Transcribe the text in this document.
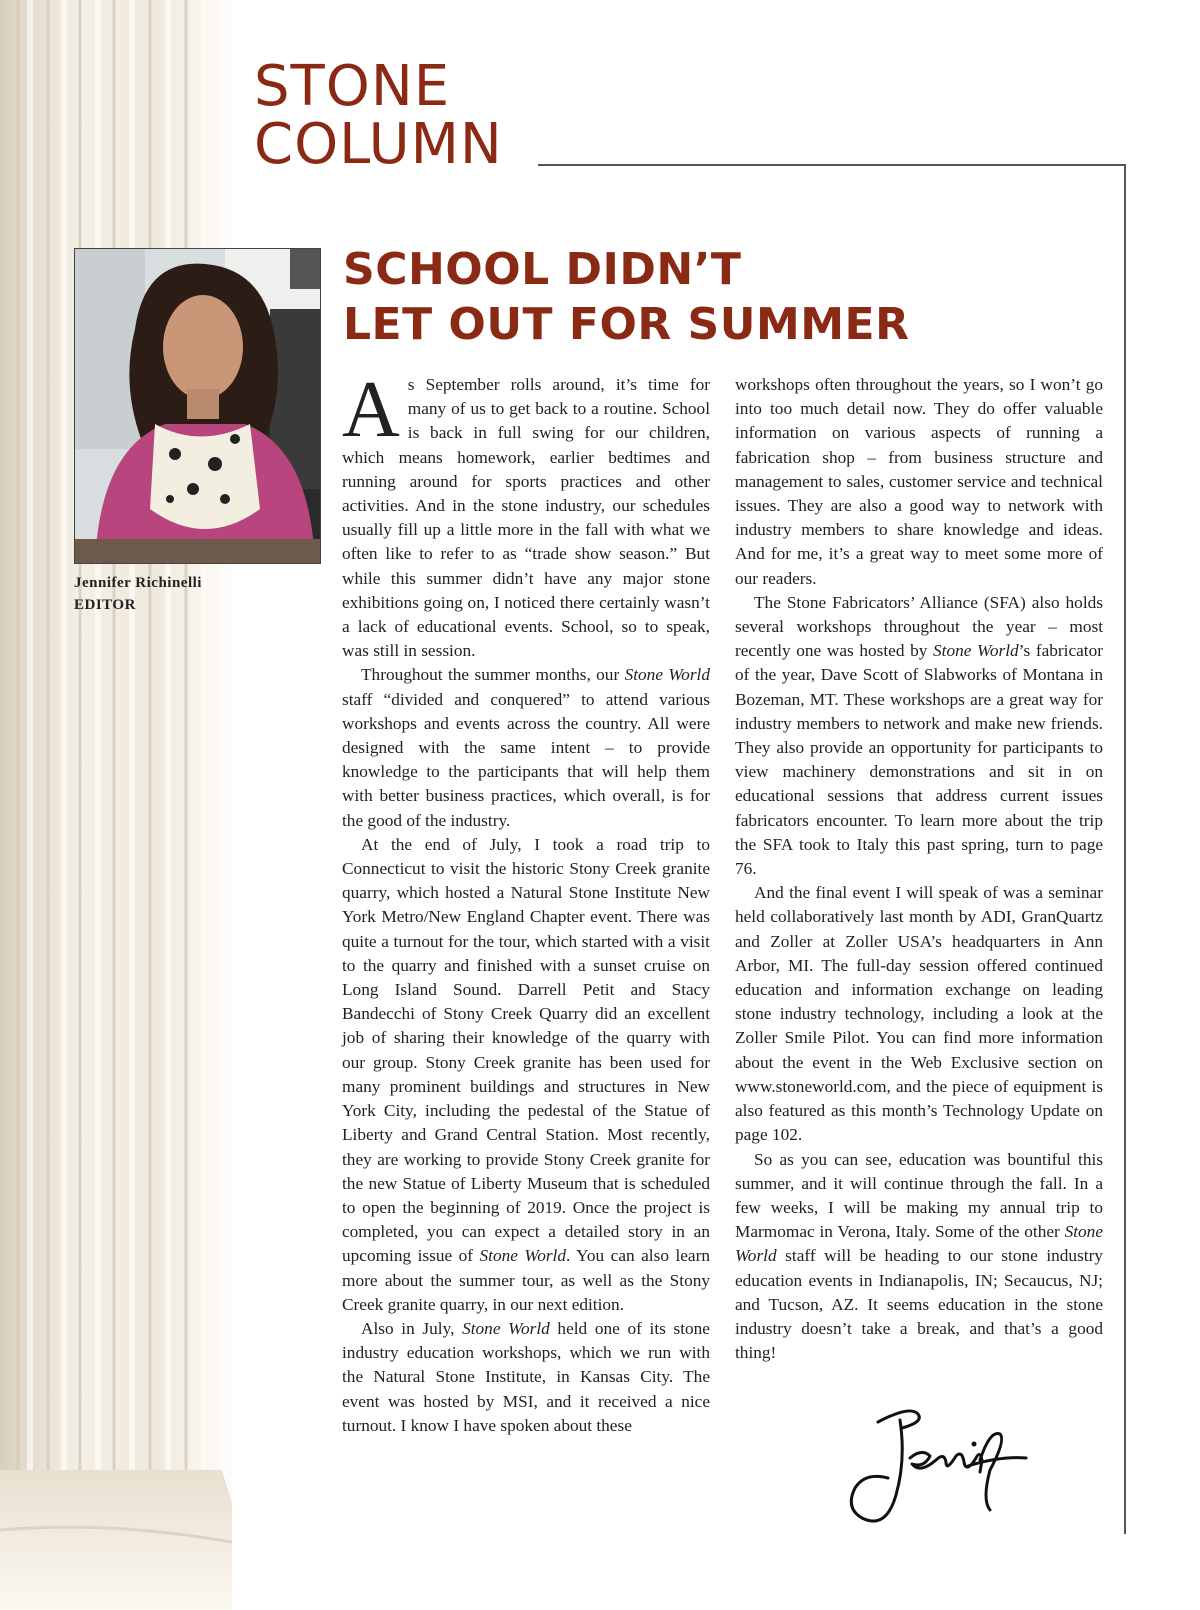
STONE
COLUMN
Jennifer Richinelli
EDITOR
SCHOOL DIDN’T
LET OUT FOR SUMMER

As September rolls around, it’s time for many of us to get back to a routine. School is back in full swing for our children, which means homework, earlier bedtimes and running around for sports practices and other activities. And in the stone industry, our schedules usually fill up a little more in the fall with what we often like to refer to as “trade show season.” But while this summer didn’t have any major stone exhibitions going on, I noticed there certainly wasn’t a lack of educational events. School, so to speak, was still in session.

Throughout the summer months, our Stone World staff “divided and conquered” to attend various workshops and events across the country. All were designed with the same intent – to provide knowledge to the participants that will help them with better business practices, which overall, is for the good of the industry.

At the end of July, I took a road trip to Connecticut to visit the historic Stony Creek granite quarry, which hosted a Natural Stone Institute New York Metro/New England Chapter event. There was quite a turnout for the tour, which started with a visit to the quarry and finished with a sunset cruise on Long Island Sound. Darrell Petit and Stacy Bandecchi of Stony Creek Quarry did an excellent job of sharing their knowledge of the quarry with our group. Stony Creek granite has been used for many prominent buildings and structures in New York City, including the pedestal of the Statue of Liberty and Grand Central Station. Most recently, they are working to provide Stony Creek granite for the new Statue of Liberty Museum that is scheduled to open the beginning of 2019. Once the project is completed, you can expect a detailed story in an upcoming issue of Stone World. You can also learn more about the summer tour, as well as the Stony Creek granite quarry, in our next edition.

Also in July, Stone World held one of its stone industry education workshops, which we run with the Natural Stone Institute, in Kansas City. The event was hosted by MSI, and it received a nice turnout. I know I have spoken about these

workshops often throughout the years, so I won’t go into too much detail now. They do offer valuable information on various aspects of running a fabrication shop – from business structure and management to sales, customer service and technical issues. They are also a good way to network with industry members to share knowledge and ideas. And for me, it’s a great way to meet some more of our readers.

The Stone Fabricators’ Alliance (SFA) also holds several workshops throughout the year – most recently one was hosted by Stone World’s fabricator of the year, Dave Scott of Slabworks of Montana in Bozeman, MT. These workshops are a great way for industry members to network and make new friends. They also provide an opportunity for participants to view machinery demonstrations and sit in on educational sessions that address current issues fabricators encounter. To learn more about the trip the SFA took to Italy this past spring, turn to page 76.

And the final event I will speak of was a seminar held collaboratively last month by ADI, GranQuartz and Zoller at Zoller USA’s headquarters in Ann Arbor, MI. The full-day session offered continued education and information exchange on leading stone industry technology, including a look at the Zoller Smile Pilot. You can find more information about the event in the Web Exclusive section on www.stoneworld.com, and the piece of equipment is also featured as this month’s Technology Update on page 102.

So as you can see, education was bountiful this summer, and it will continue through the fall. In a few weeks, I will be making my annual trip to Marmomac in Verona, Italy. Some of the other Stone World staff will be heading to our stone industry education events in Indianapolis, IN; Secaucus, NJ; and Tucson, AZ. It seems education in the stone industry doesn’t take a break, and that’s a good thing!
